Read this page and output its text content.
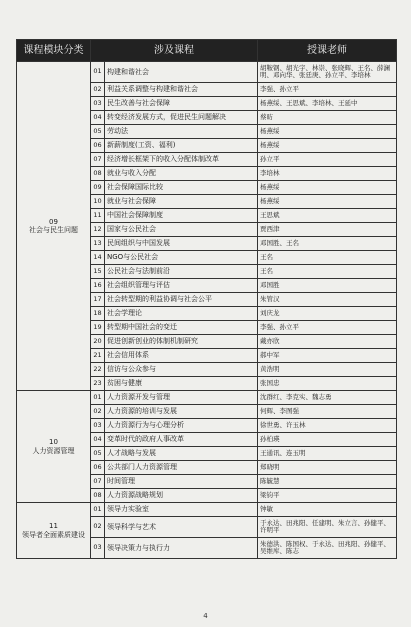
课程模块分类	涉及课程		授课老师
09
社会与民生问题	01	构建和谐社会	胡鞍钢、胡光宇、林崇、张晓辉、王名、薛澜明、邓向华、张廷庚、孙立平、李培林
	02	利益关系调整与构建和谐社会	李强、孙立平
	03	民生改善与社会保障	杨燕绥、王思斌、李培林、王延中
	04	转变经济发展方式，促进民生问题解决	蔡昉
	05	劳动法	杨燕绥
	06	新薪制度(工资、福利)	杨燕绥
	07	经济增长框架下的收入分配体制改革	孙立平
	08	就业与收入分配	李培林
	09	社会保障国际比较	杨燕绥
	10	就业与社会保障	杨燕绥
	11	中国社会保障制度	王思斌
	12	国家与公民社会	贾西津
	13	民间组织与中国发展	邓国胜、王名
	14	NGO与公民社会	王名
	15	公民社会与法制前沿	王名
	16	社会组织管理与评估	邓国胜
	17	社会转型期的利益协调与社会公平	朱管汉
	18	社会学理论	刘庆龙
	19	转型期中国社会的变迁	李强、孙立平
	20	促进创新创业的体制机制研究	戴亦欣
	21	社会信用体系	郝中军
	22	信访与公众参与	黄浩明
	23	贫困与健康	张国忠
10
人力资源管理	01	人力资源开发与管理	沈群红、李克实、魏志勇
	02	人力资源的培训与发展	何辉、李图强
	03	人力资源行为与心理分析	徐世勇、许玉林
	04	变革时代的政府人事改革	孙柏瑛
	05	人才战略与发展	王通讯、连玉明
	06	公共部门人力资源管理	郑晓明
	07	时间管理	陈毓慧
	08	人力资源战略规划	梁钧平
11
领导者全面素质建设	01	领导力实验室	钟敏
	02	领导科学与艺术	于永达、田兆阳、任建明、朱立言、孙健平、许明平
	03	领导决策力与执行力	朱德洪、陈国权、于永达、田兆阳、孙健平、吴维库、陈志
4
